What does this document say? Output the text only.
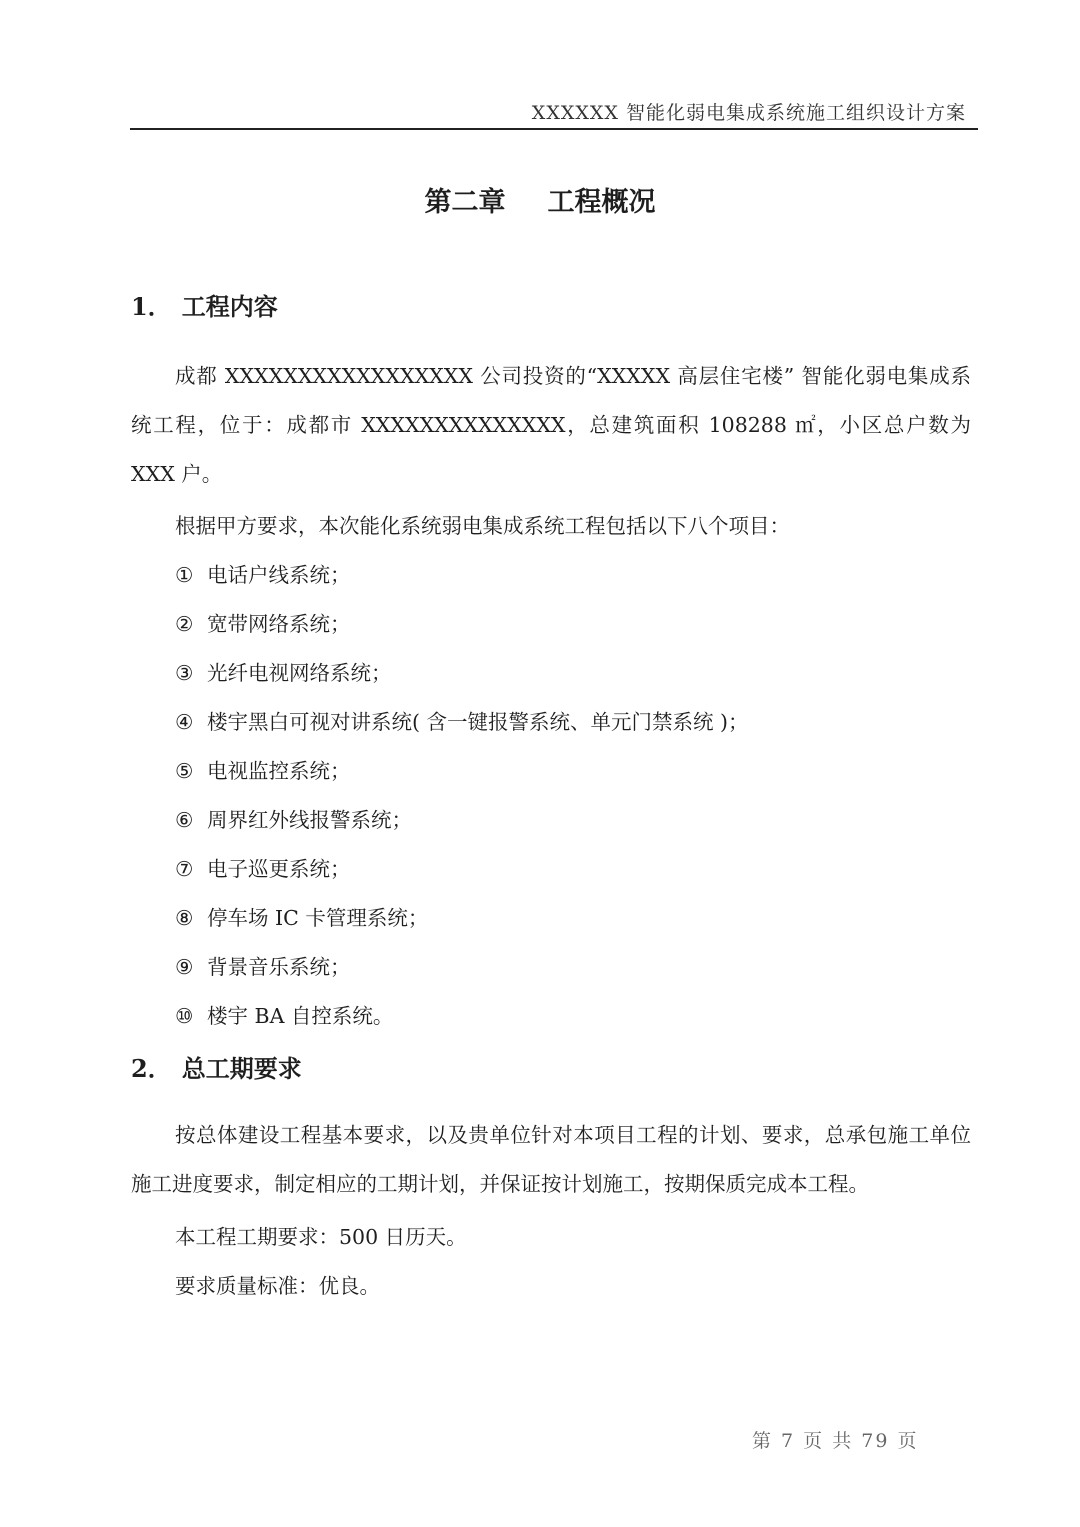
XXXXXX 智能化弱电集成系统施工组织设计方案
第二章 工程概况
1． 工程内容
成都 XXXXXXXXXXXXXXXXX 公司投资的“XXXXX 高层住宅楼” 智能化弱电集成系统工程，位于：成都市 XXXXXXXXXXXXXX，总建筑面积 108288 ㎡，小区总户数为 XXX 户。
根据甲方要求，本次能化系统弱电集成系统工程包括以下八个项目：
① 电话户线系统；
② 宽带网络系统；
③ 光纤电视网络系统；
④ 楼宇黑白可视对讲系统( 含一键报警系统、单元门禁系统 )；
⑤ 电视监控系统；
⑥ 周界红外线报警系统；
⑦ 电子巡更系统；
⑧ 停车场 IC 卡管理系统；
⑨ 背景音乐系统；
⑩ 楼宇 BA 自控系统。
2． 总工期要求
按总体建设工程基本要求，以及贵单位针对本项目工程的计划、要求，总承包施工单位施工进度要求，制定相应的工期计划，并保证按计划施工，按期保质完成本工程。
本工程工期要求：500 日历天。
要求质量标准：优良。
第 7 页 共 79 页
